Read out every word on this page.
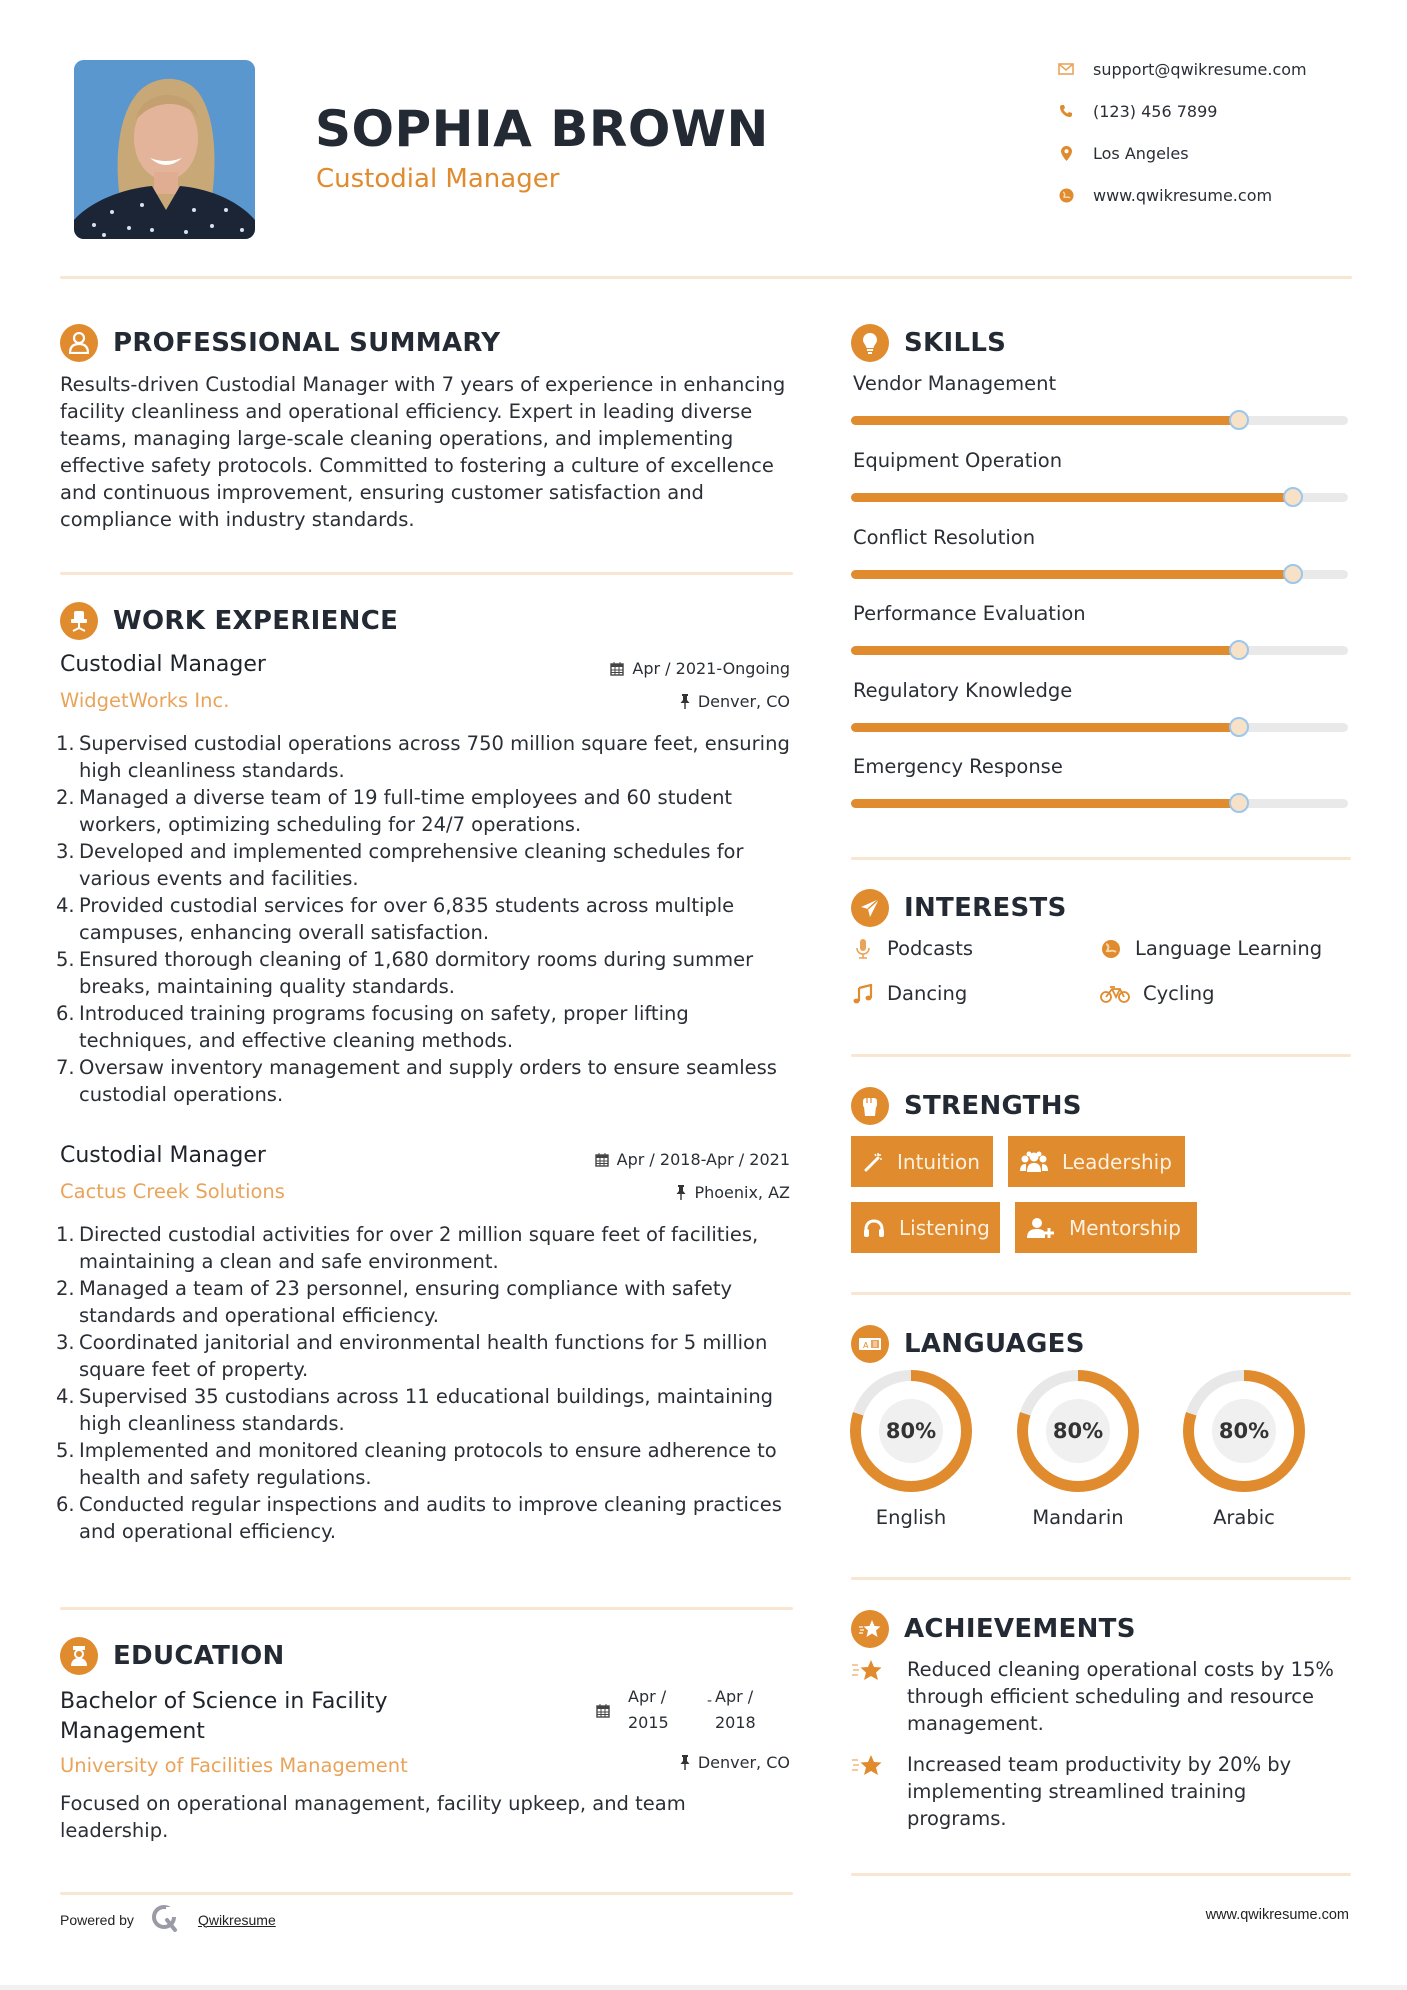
SOPHIA BROWN
Custodial Manager
support@qwikresume.com
(123) 456 7899
Los Angeles
www.qwikresume.com
PROFESSIONAL SUMMARY
Results-driven Custodial Manager with 7 years of experience in enhancing facility cleanliness and operational efficiency. Expert in leading diverse teams, managing large-scale cleaning operations, and implementing effective safety protocols. Committed to fostering a culture of excellence and continuous improvement, ensuring customer satisfaction and compliance with industry standards.
WORK EXPERIENCE
Custodial Manager	Apr / 2021-Ongoing
WidgetWorks Inc.	Denver, CO
1. Supervised custodial operations across 750 million square feet, ensuring high cleanliness standards.
2. Managed a diverse team of 19 full-time employees and 60 student workers, optimizing scheduling for 24/7 operations.
3. Developed and implemented comprehensive cleaning schedules for various events and facilities.
4. Provided custodial services for over 6,835 students across multiple campuses, enhancing overall satisfaction.
5. Ensured thorough cleaning of 1,680 dormitory rooms during summer breaks, maintaining quality standards.
6. Introduced training programs focusing on safety, proper lifting techniques, and effective cleaning methods.
7. Oversaw inventory management and supply orders to ensure seamless custodial operations.
Custodial Manager	Apr / 2018-Apr / 2021
Cactus Creek Solutions	Phoenix, AZ
1. Directed custodial activities for over 2 million square feet of facilities, maintaining a clean and safe environment.
2. Managed a team of 23 personnel, ensuring compliance with safety standards and operational efficiency.
3. Coordinated janitorial and environmental health functions for 5 million square feet of property.
4. Supervised 35 custodians across 11 educational buildings, maintaining high cleanliness standards.
5. Implemented and monitored cleaning protocols to ensure adherence to health and safety regulations.
6. Conducted regular inspections and audits to improve cleaning practices and operational efficiency.
EDUCATION
Bachelor of Science in Facility
Management
Apr /
2015
- Apr /
2018
University of Facilities Management	Denver, CO
Focused on operational management, facility upkeep, and team leadership.
SKILLS
Vendor Management
Equipment Operation
Conflict Resolution
Performance Evaluation
Regulatory Knowledge
Emergency Response
INTERESTS
Podcasts	Language Learning
Dancing	Cycling
STRENGTHS
Intuition	Leadership
Listening	Mentorship
A LANGUAGES
80%
English
80%
Mandarin
80%
Arabic
ACHIEVEMENTS
Reduced cleaning operational costs by 15% through efficient scheduling and resource management.
Increased team productivity by 20% by implementing streamlined training programs.
Powered by	Qwikresume	www.qwikresume.com
